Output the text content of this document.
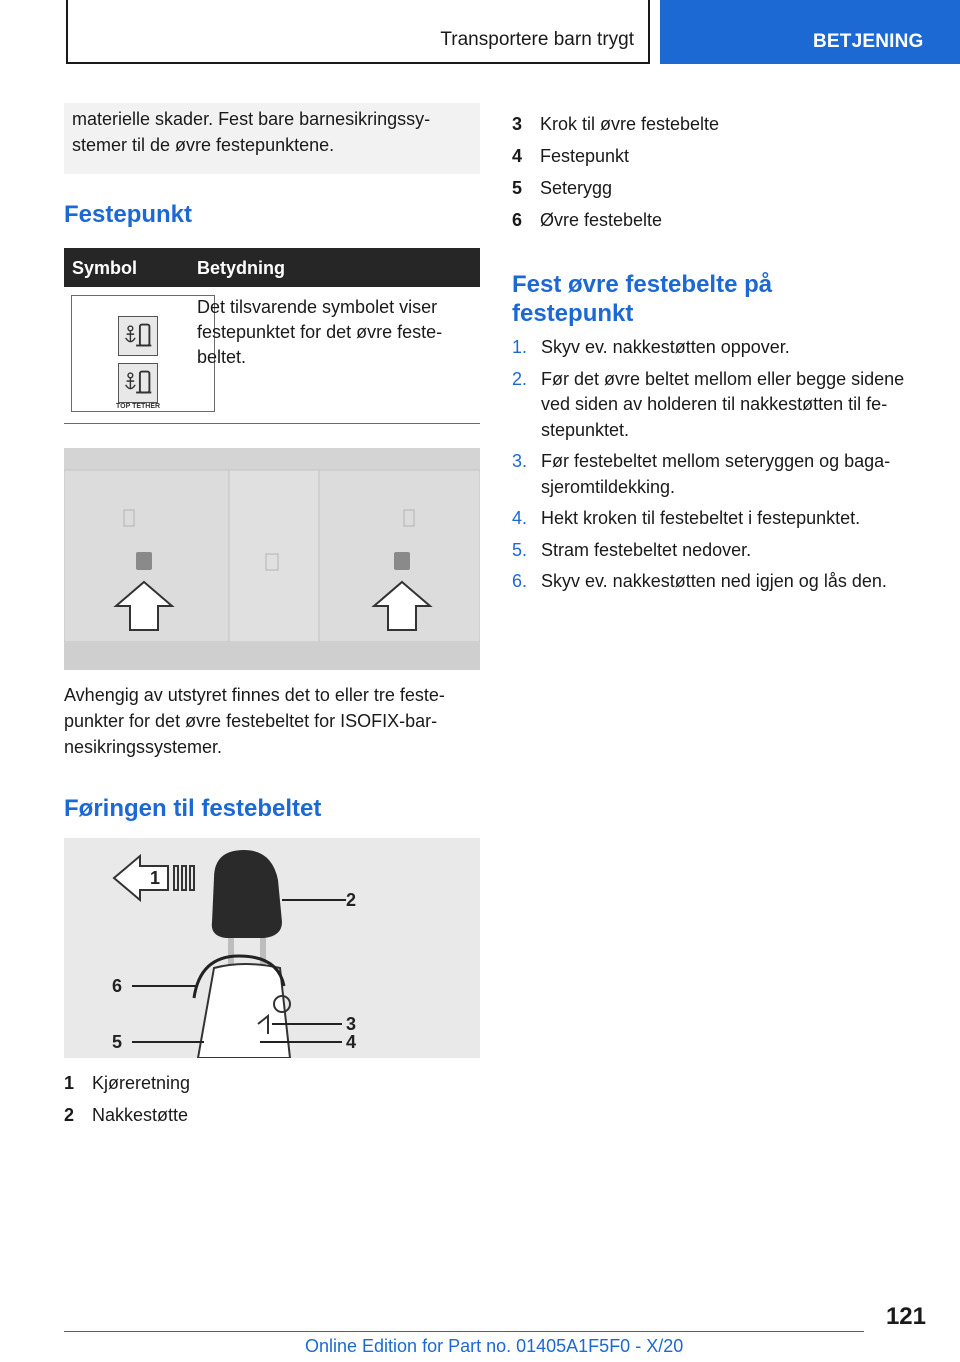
Transportere barn trygt	BETJENING
materielle skader. Fest bare barnesikringssy-stemer til de øvre festepunktene.
Festepunkt
Symbol	Betydning
TOP TETHER
Det tilsvarende symbolet viser festepunktet for det øvre feste-beltet.
Avhengig av utstyret finnes det to eller tre feste-punkter for det øvre festebeltet for ISOFIX-bar-nesikringssystemer.
Føringen til festebeltet
1
2
3
4
5
6
1 Kjøreretning
2 Nakkestøtte
3 Krok til øvre festebelte
4 Festepunkt
5 Seterygg
6 Øvre festebelte
Fest øvre festebelte på
festepunkt
1. Skyv ev. nakkestøtten oppover.
2. Før det øvre beltet mellom eller begge sidene ved siden av holderen til nakkestøtten til fe-stepunktet.
3. Før festebeltet mellom seteryggen og baga-sjeromtildekking.
4. Hekt kroken til festebeltet i festepunktet.
5. Stram festebeltet nedover.
6. Skyv ev. nakkestøtten ned igjen og lås den.
121
Online Edition for Part no. 01405A1F5F0 - X/20
